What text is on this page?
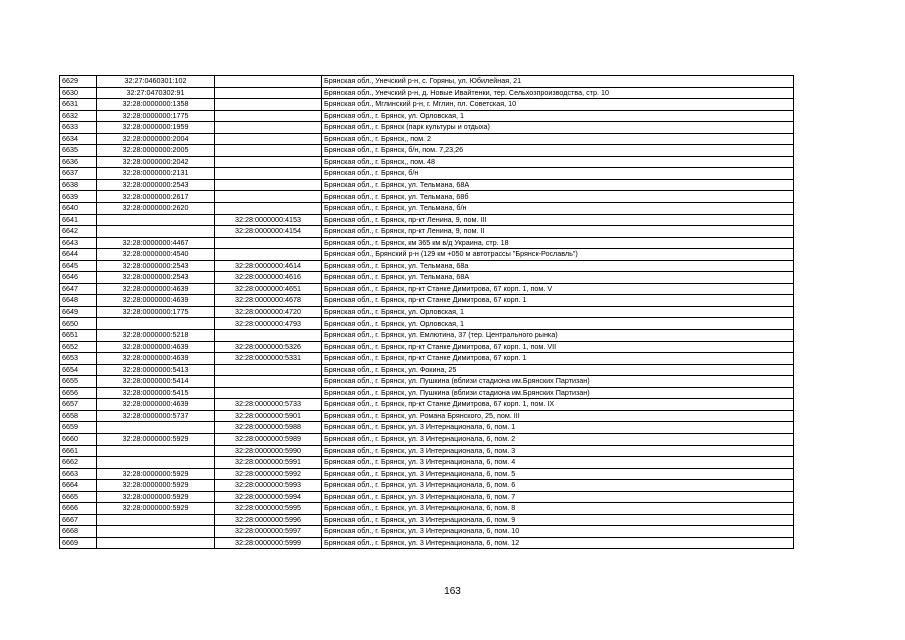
6629	32:27:0460301:102		Брянская обл., Унечский р-н, с. Горяны, ул. Юбилейная, 21
6630	32:27:0470302:91		Брянская обл., Унечский р-н, д. Новые Ивайтенки, тер. Сельхозпроизводства, стр. 10
6631	32:28:0000000:1358		Брянская обл., Мглинский р-н, г. Мглин, пл. Советская, 10
6632	32:28:0000000:1775		Брянская обл., г. Брянск, ул. Орловская, 1
6633	32:28:0000000:1959		Брянская обл., г. Брянск (парк культуры и отдыха)
6634	32:28:0000000:2004		Брянская обл., г. Брянск,, пом. 2
6635	32:28:0000000:2005		Брянская обл., г. Брянск, б/н, пом. 7,23,26
6636	32:28:0000000:2042		Брянская обл., г. Брянск,, пом. 48
6637	32:28:0000000:2131		Брянская обл., г. Брянск, б/н
6638	32:28:0000000:2543		Брянская обл., г. Брянск, ул. Тельмана, 68А
6639	32:28:0000000:2617		Брянская обл., г. Брянск, ул. Тельмана, 68б
6640	32:28:0000000:2620		Брянская обл., г. Брянск, ул. Тельмана, б/н
6641		32:28:0000000:4153	Брянская обл., г. Брянск, пр-кт Ленина, 9, пом. III
6642		32:28:0000000:4154	Брянская обл., г. Брянск, пр-кт Ленина, 9, пом. II
6643	32:28:0000000:4467		Брянская обл., г. Брянск, км 365 км в/д Украина, стр. 18
6644	32:28:0000000:4540		Брянская обл., Брянский р-н (129 км +050 м автотрассы "Брянск-Рославль")
6645	32:28:0000000:2543	32:28:0000000:4614	Брянская обл., г. Брянск, ул. Тельмана, 68а
6646	32:28:0000000:2543	32:28:0000000:4616	Брянская обл., г. Брянск, ул. Тельмана, 68А
6647	32:28:0000000:4639	32:28:0000000:4651	Брянская обл., г. Брянск, пр-кт Станке Димитрова, 67 корп. 1, пом. V
6648	32:28:0000000:4639	32:28:0000000:4678	Брянская обл., г. Брянск, пр-кт Станке Димитрова, 67 корп. 1
6649	32:28:0000000:1775	32:28:0000000:4720	Брянская обл., г. Брянск, ул. Орловская, 1
6650		32:28:0000000:4793	Брянская обл., г. Брянск, ул. Орловская, 1
6651	32:28:0000000:5218		Брянская обл., г. Брянск, ул. Емлютина, 37 (тер. Центрального рынка)
6652	32:28:0000000:4639	32:28:0000000:5326	Брянская обл., г. Брянск, пр-кт Станке Димитрова, 67 корп. 1, пом. VII
6653	32:28:0000000:4639	32:28:0000000:5331	Брянская обл., г. Брянск, пр-кт Станке Димитрова, 67 корп. 1
6654	32:28:0000000:5413		Брянская обл., г. Брянск, ул. Фокина, 25
6655	32:28:0000000:5414		Брянская обл., г. Брянск, ул. Пушкина (вблизи стадиона им.Брянских Партизан)
6656	32:28:0000000:5415		Брянская обл., г. Брянск, ул. Пушкина (вблизи стадиона им.Брянских Партизан)
6657	32:28:0000000:4639	32:28:0000000:5733	Брянская обл., г. Брянск, пр-кт Станке Димитрова, 67 корп. 1, пом. IX
6658	32:28:0000000:5737	32:28:0000000:5901	Брянская обл., г. Брянск, ул. Романа Брянского, 25, пом. III
6659		32:28:0000000:5988	Брянская обл., г. Брянск, ул. 3 Интернационала, 6, пом. 1
6660	32:28:0000000:5929	32:28:0000000:5989	Брянская обл., г. Брянск, ул. 3 Интернационала, 6, пом. 2
6661		32:28:0000000:5990	Брянская обл., г. Брянск, ул. 3 Интернационала, 6, пом. 3
6662		32:28:0000000:5991	Брянская обл., г. Брянск, ул. 3 Интернационала, 6, пом. 4
6663	32:28:0000000:5929	32:28:0000000:5992	Брянская обл., г. Брянск, ул. 3 Интернационала, 6, пом. 5
6664	32:28:0000000:5929	32:28:0000000:5993	Брянская обл., г. Брянск, ул. 3 Интернационала, 6, пом. 6
6665	32:28:0000000:5929	32:28:0000000:5994	Брянская обл., г. Брянск, ул. 3 Интернационала, 6, пом. 7
6666	32:28:0000000:5929	32:28:0000000:5995	Брянская обл., г. Брянск, ул. 3 Интернационала, 6, пом. 8
6667		32:28:0000000:5996	Брянская обл., г. Брянск, ул. 3 Интернационала, 6, пом. 9
6668		32:28:0000000:5997	Брянская обл., г. Брянск, ул. 3 Интернационала, 6, пом. 10
6669		32:28:0000000:5999	Брянская обл., г. Брянск, ул. 3 Интернационала, 6, пом. 12
163
